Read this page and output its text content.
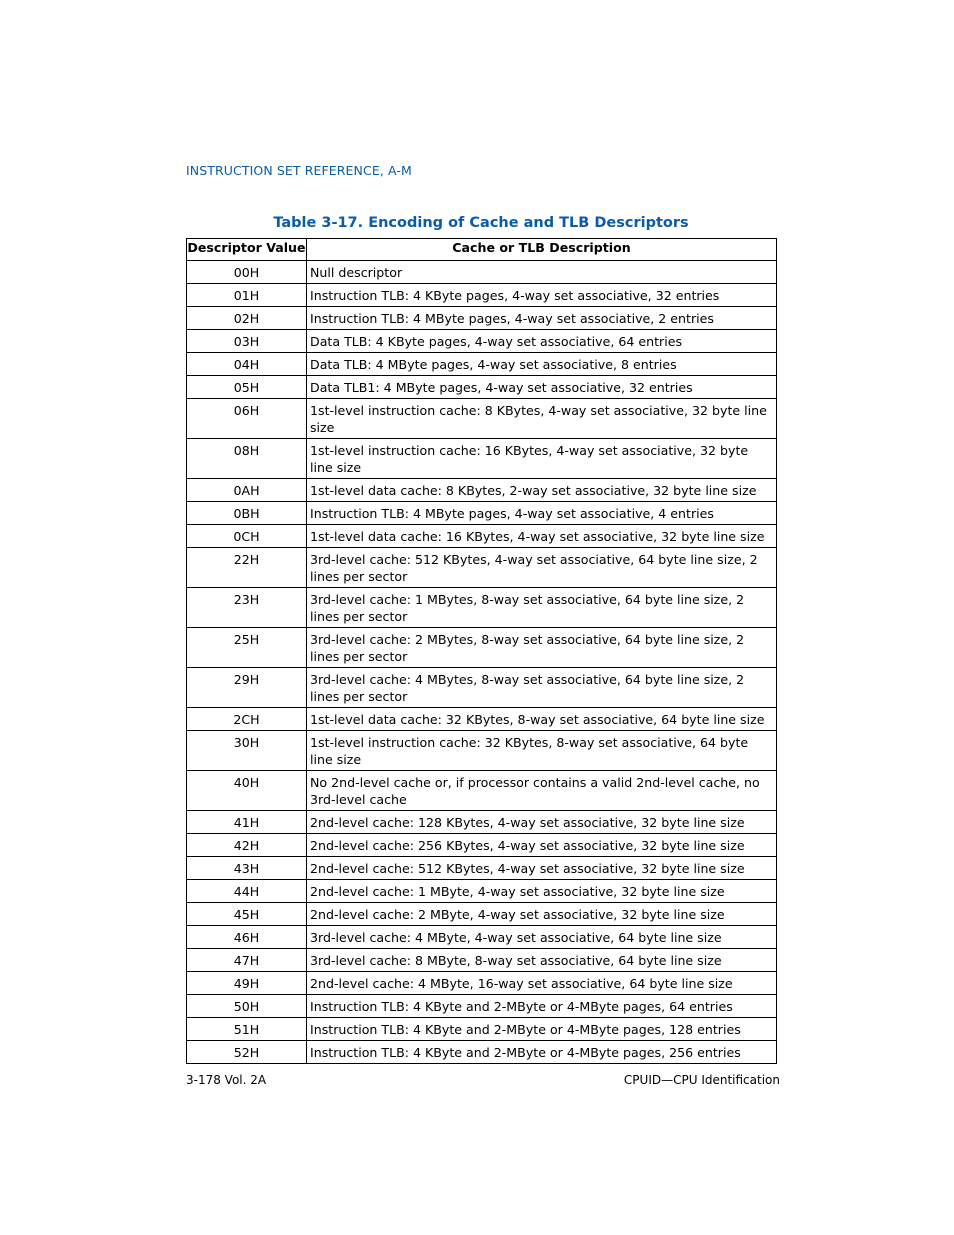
INSTRUCTION SET REFERENCE, A-M
Table 3-17. Encoding of Cache and TLB Descriptors
Descriptor Value	Cache or TLB Description
00H	Null descriptor
01H	Instruction TLB: 4 KByte pages, 4-way set associative, 32 entries
02H	Instruction TLB: 4 MByte pages, 4-way set associative, 2 entries
03H	Data TLB: 4 KByte pages, 4-way set associative, 64 entries
04H	Data TLB: 4 MByte pages, 4-way set associative, 8 entries
05H	Data TLB1: 4 MByte pages, 4-way set associative, 32 entries
06H	1st-level instruction cache: 8 KBytes, 4-way set associative, 32 byte line size
08H	1st-level instruction cache: 16 KBytes, 4-way set associative, 32 byte line size
0AH	1st-level data cache: 8 KBytes, 2-way set associative, 32 byte line size
0BH	Instruction TLB: 4 MByte pages, 4-way set associative, 4 entries
0CH	1st-level data cache: 16 KBytes, 4-way set associative, 32 byte line size
22H	3rd-level cache: 512 KBytes, 4-way set associative, 64 byte line size, 2 lines per sector
23H	3rd-level cache: 1 MBytes, 8-way set associative, 64 byte line size, 2 lines per sector
25H	3rd-level cache: 2 MBytes, 8-way set associative, 64 byte line size, 2 lines per sector
29H	3rd-level cache: 4 MBytes, 8-way set associative, 64 byte line size, 2 lines per sector
2CH	1st-level data cache: 32 KBytes, 8-way set associative, 64 byte line size
30H	1st-level instruction cache: 32 KBytes, 8-way set associative, 64 byte line size
40H	No 2nd-level cache or, if processor contains a valid 2nd-level cache, no 3rd-level cache
41H	2nd-level cache: 128 KBytes, 4-way set associative, 32 byte line size
42H	2nd-level cache: 256 KBytes, 4-way set associative, 32 byte line size
43H	2nd-level cache: 512 KBytes, 4-way set associative, 32 byte line size
44H	2nd-level cache: 1 MByte, 4-way set associative, 32 byte line size
45H	2nd-level cache: 2 MByte, 4-way set associative, 32 byte line size
46H	3rd-level cache: 4 MByte, 4-way set associative, 64 byte line size
47H	3rd-level cache: 8 MByte, 8-way set associative, 64 byte line size
49H	2nd-level cache: 4 MByte, 16-way set associative, 64 byte line size
50H	Instruction TLB: 4 KByte and 2-MByte or 4-MByte pages, 64 entries
51H	Instruction TLB: 4 KByte and 2-MByte or 4-MByte pages, 128 entries
52H	Instruction TLB: 4 KByte and 2-MByte or 4-MByte pages, 256 entries
3-178 Vol. 2A	CPUID—CPU Identification
